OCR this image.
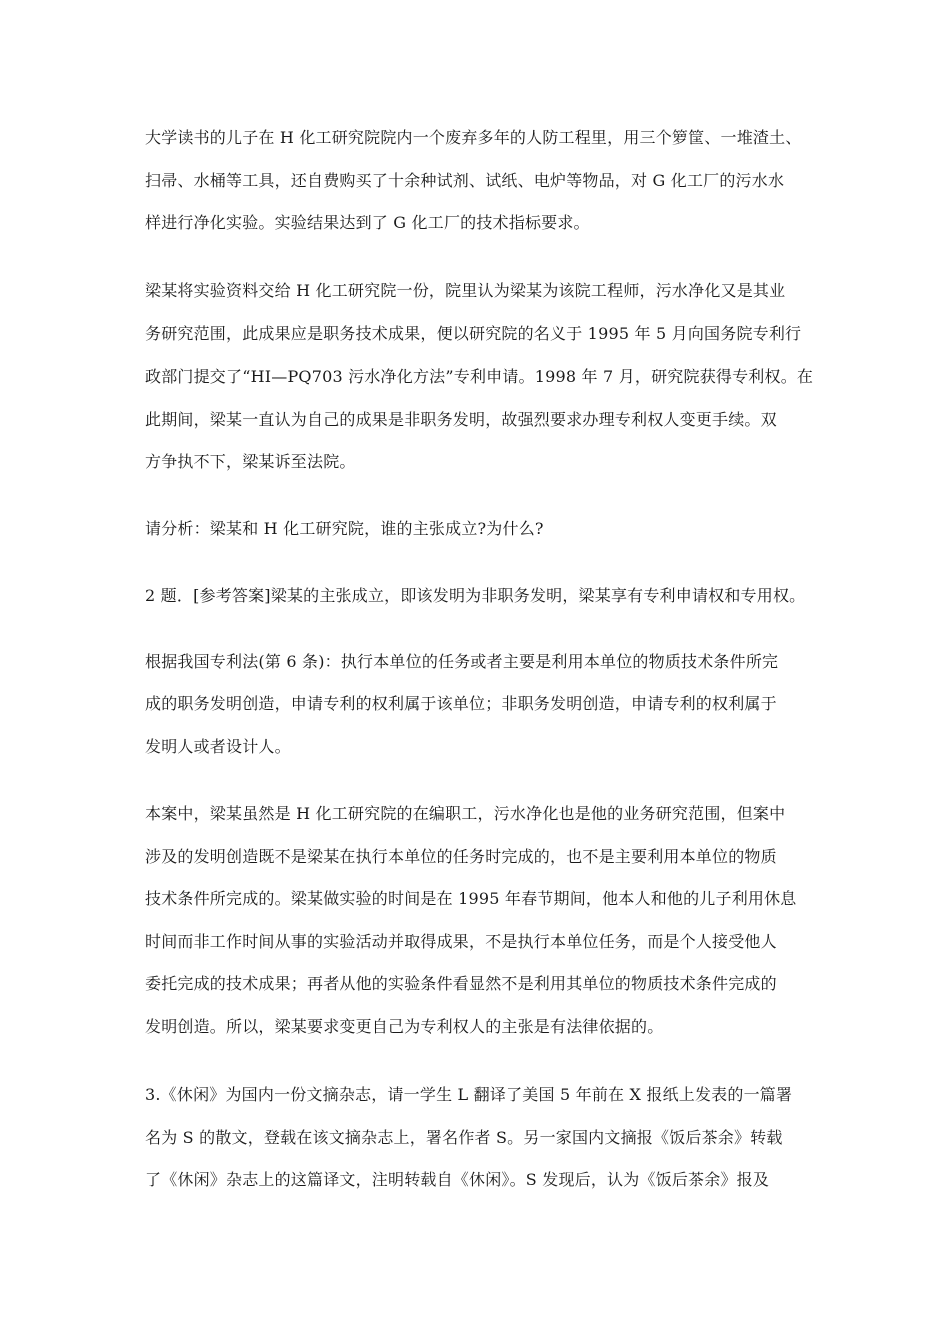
大学读书的儿子在 H 化工研究院院内一个废弃多年的人防工程里，用三个箩筐、一堆渣土、
扫帚、水桶等工具，还自费购买了十余种试剂、试纸、电炉等物品，对 G 化工厂的污水水
样进行净化实验。实验结果达到了 G 化工厂的技术指标要求。
梁某将实验资料交给 H 化工研究院一份，院里认为梁某为该院工程师，污水净化又是其业
务研究范围，此成果应是职务技术成果，便以研究院的名义于 1995 年 5 月向国务院专利行
政部门提交了“HI—PQ703 污水净化方法”专利申请。1998 年 7 月，研究院获得专利权。在
此期间，梁某一直认为自己的成果是非职务发明，故强烈要求办理专利权人变更手续。双
方争执不下，梁某诉至法院。
请分析：梁某和 H 化工研究院，谁的主张成立?为什么?
2 题．[参考答案]梁某的主张成立，即该发明为非职务发明，梁某享有专利申请权和专用权。
根据我国专利法(第 6 条)：执行本单位的任务或者主要是利用本单位的物质技术条件所完
成的职务发明创造，申请专利的权利属于该单位；非职务发明创造，申请专利的权利属于
发明人或者设计人。
本案中，梁某虽然是 H 化工研究院的在编职工，污水净化也是他的业务研究范围，但案中
涉及的发明创造既不是梁某在执行本单位的任务时完成的，也不是主要利用本单位的物质
技术条件所完成的。梁某做实验的时间是在 1995 年春节期间，他本人和他的儿子利用休息
时间而非工作时间从事的实验活动并取得成果，不是执行本单位任务，而是个人接受他人
委托完成的技术成果；再者从他的实验条件看显然不是利用其单位的物质技术条件完成的
发明创造。所以，梁某要求变更自己为专利权人的主张是有法律依据的。
3.《休闲》为国内一份文摘杂志，请一学生 L 翻译了美国 5 年前在 X 报纸上发表的一篇署
名为 S 的散文，登载在该文摘杂志上，署名作者 S。另一家国内文摘报《饭后茶余》转载
了《休闲》杂志上的这篇译文，注明转载自《休闲》。S 发现后，认为《饭后茶余》报及
